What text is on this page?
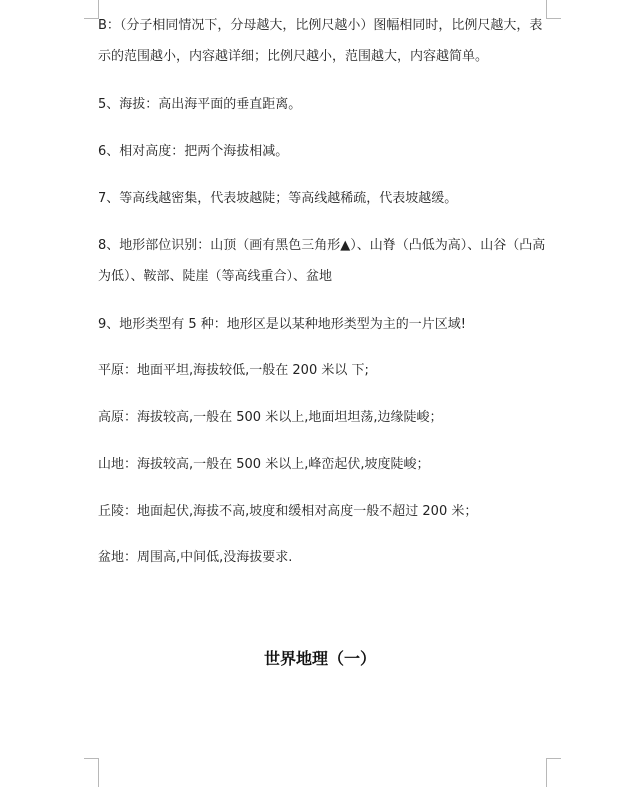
B：（分子相同情况下，分母越大，比例尺越小）图幅相同时，比例尺越大，表示的范围越小，内容越详细；比例尺越小，范围越大，内容越简单。

5、海拔：高出海平面的垂直距离。

6、相对高度：把两个海拔相减。

7、等高线越密集，代表坡越陡；等高线越稀疏，代表坡越缓。

8、地形部位识别：山顶（画有黑色三角形▲）、山脊（凸低为高）、山谷（凸高为低）、鞍部、陡崖（等高线重合）、盆地

9、地形类型有 5 种：地形区是以某种地形类型为主的一片区域!

平原：地面平坦,海拔较低,一般在 200 米以 下;

高原：海拔较高,一般在 500 米以上,地面坦坦荡,边缘陡峻；

山地：海拔较高,一般在 500 米以上,峰峦起伏,坡度陡峻；

丘陵：地面起伏,海拔不高,坡度和缓相对高度一般不超过 200 米；

盆地：周围高,中间低,没海拔要求.

世界地理（一）
